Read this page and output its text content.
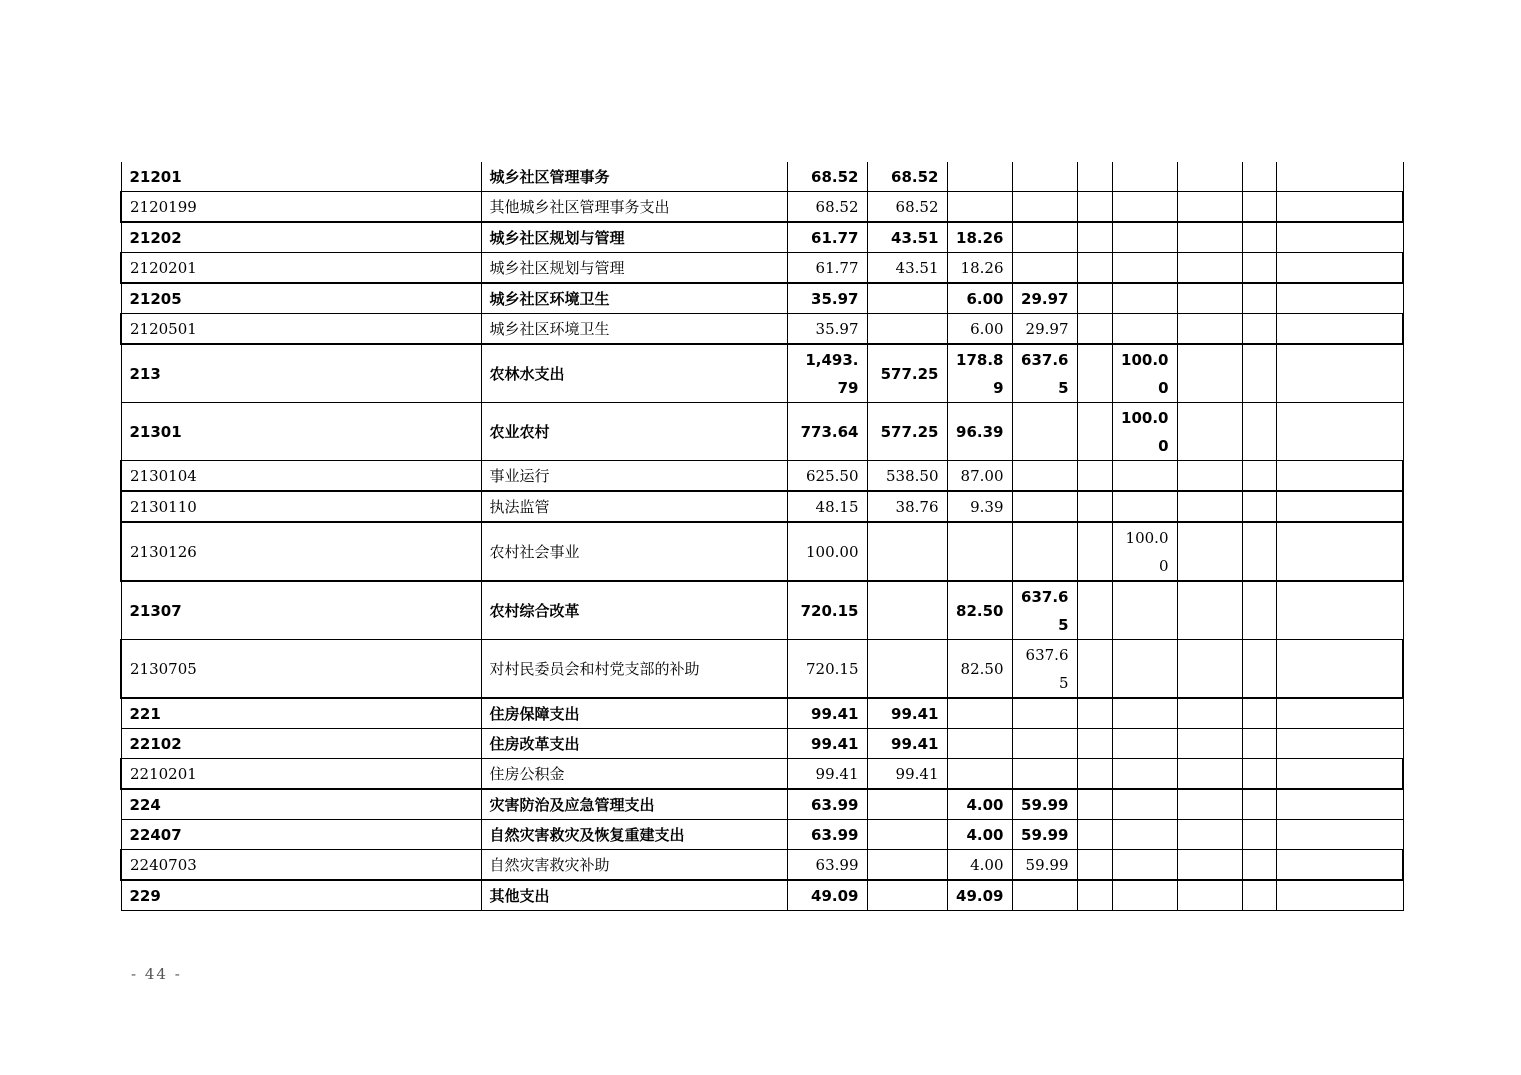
21201	城乡社区管理事务	68.52	68.52							
2120199	其他城乡社区管理事务支出	68.52	68.52							
21202	城乡社区规划与管理	61.77	43.51	18.26						
2120201	城乡社区规划与管理	61.77	43.51	18.26						
21205	城乡社区环境卫生	35.97		6.00	29.97					
2120501	城乡社区环境卫生	35.97		6.00	29.97					
213	农林水支出	1,493.79	577.25	178.89	637.65		100.00			
21301	农业农村	773.64	577.25	96.39			100.00			
2130104	事业运行	625.50	538.50	87.00						
2130110	执法监管	48.15	38.76	9.39						
2130126	农村社会事业	100.00					100.00			
21307	农村综合改革	720.15		82.50	637.65					
2130705	对村民委员会和村党支部的补助	720.15		82.50	637.65					
221	住房保障支出	99.41	99.41							
22102	住房改革支出	99.41	99.41							
2210201	住房公积金	99.41	99.41							
224	灾害防治及应急管理支出	63.99		4.00	59.99					
22407	自然灾害救灾及恢复重建支出	63.99		4.00	59.99					
2240703	自然灾害救灾补助	63.99		4.00	59.99					
229	其他支出	49.09		49.09						
- 44 -
